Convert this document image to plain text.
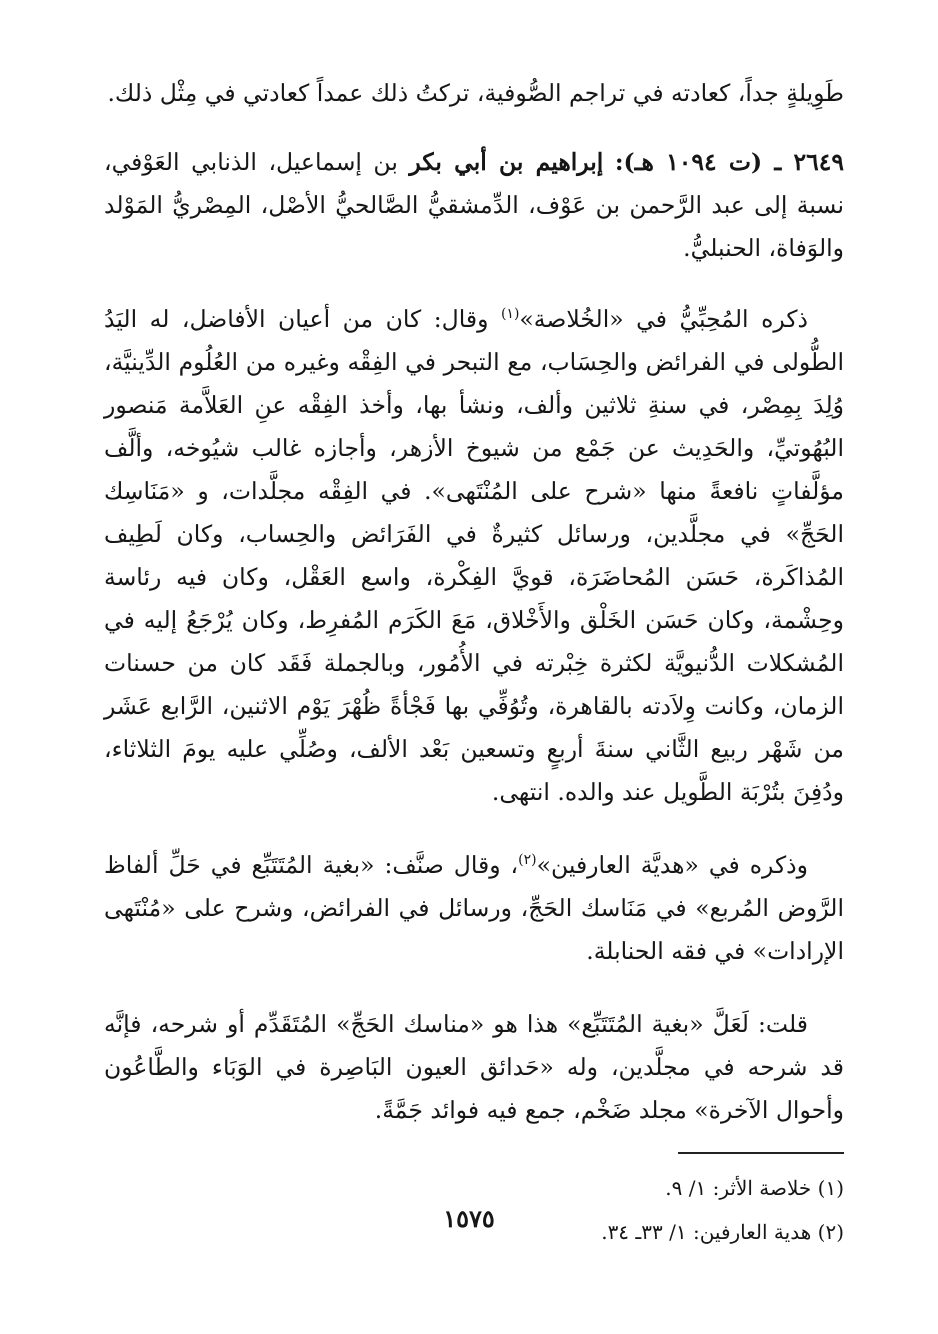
طَوِيلةٍ جداً، كعادته في تراجم الصُّوفية، تركتُ ذلك عمداً كعادتي في مِثْل ذلك.

٢٦٤٩ ـ (ت ١٠٩٤ هـ): إبراهيم بن أبي بكر بن إسماعيل، الذنابي العَوْفي، نسبة إلى عبد الرَّحمن بن عَوْف، الدِّمشقيُّ الصَّالحيُّ الأصْل، المِصْريُّ المَوْلد والوَفاة، الحنبليُّ.

ذكره المُحِبِّيُّ في «الخُلاصة»$^{(١)}$ وقال: كان من أعيان الأفاضل، له اليَدُ الطُّولى في الفرائض والحِسَاب، مع التبحر في الفِقْه وغيره من العُلُوم الدِّينيَّة، وُلِدَ بِمِصْر، في سنةِ ثلاثين وألف، ونشأ بها، وأخذ الفِقْه عنِ العَلاَّمة مَنصور البُهُوتيِّ، والحَدِيث عن جَمْع من شيوخ الأزهر، وأجازه غالب شيُوخه، وألَّف مؤلَّفاتٍ نافعةً منها «شرح على المُنْتَهى». في الفِقْه مجلَّدات، و «مَنَاسِك الحَجِّ» في مجلَّدين، ورسائل كثيرةٌ في الفَرَائض والحِساب، وكان لَطِيف المُذاكَرة، حَسَن المُحاضَرَة، قويَّ الفِكْرة، واسع العَقْل، وكان فيه رئاسة وحِشْمة، وكان حَسَن الخَلْق والأَخْلاق، مَعَ الكَرَم المُفرِط، وكان يُرْجَعُ إليه في المُشكلات الدُّنيويَّة لكثرة خِبْرته في الأُمُور، وبالجملة فَقَد كان من حسنات الزمان، وكانت وِلاَدته بالقاهرة، وتُوُفِّي بها فَجْأةً ظُهْرَ يَوْم الاثنين، الرَّابع عَشَر من شَهْر ربيع الثَّاني سنةَ أربعٍ وتسعين بَعْد الألف، وصُلِّي عليه يومَ الثلاثاء، ودُفِنَ بتُرْبَة الطَّويل عند والده. انتهى.

وذكره في «هديَّة العارفين»$^{(٢)}$، وقال صنَّف: «بغية المُتَتَبِّع في حَلِّ ألفاظ الرَّوض المُربع» في مَنَاسك الحَجِّ، ورسائل في الفرائض، وشرح على «مُنْتَهى الإرادات» في فقه الحنابلة.

قلت: لَعَلَّ «بغية المُتَتَبِّع» هذا هو «مناسك الحَجِّ» المُتَقَدِّم أو شرحه، فإنَّه قد شرحه في مجلَّدين، وله «حَدائق العيون البَاصِرة في الوَبَاء والطَّاعُون وأحوال الآخرة» مجلد ضَخْم، جمع فيه فوائد جَمَّةً.

(١) خلاصة الأثر: ١/ ٩.

(٢) هدية العارفين: ١/ ٣٣ـ ٣٤.

١٥٧٥
